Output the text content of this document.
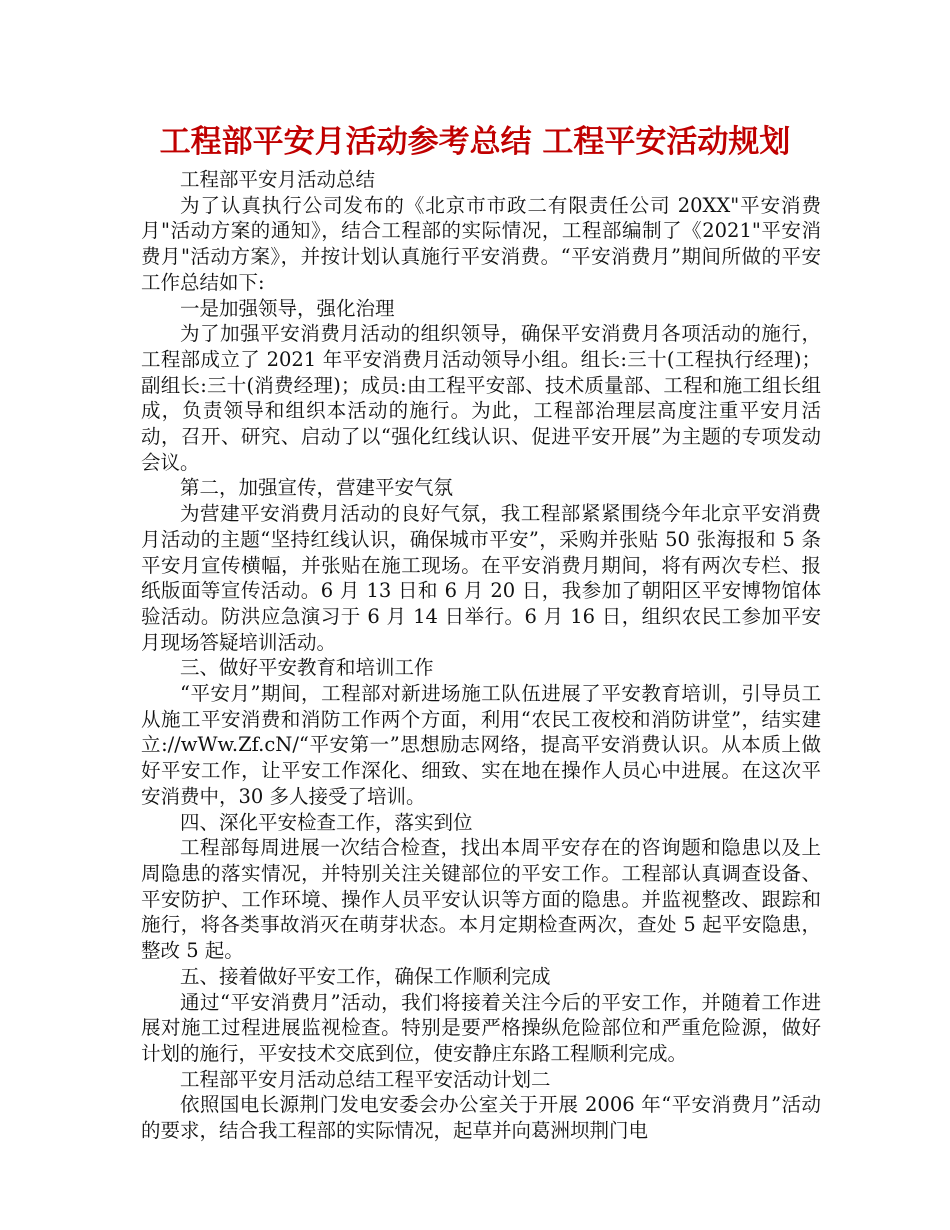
工程部平安月活动参考总结 工程平安活动规划

工程部平安月活动总结

为了认真执行公司发布的《北京市市政二有限责任公司 20XX"平安消费月"活动方案的通知》，结合工程部的实际情况，工程部编制了《2021"平安消费月"活动方案》，并按计划认真施行平安消费。“平安消费月”期间所做的平安工作总结如下:

一是加强领导，强化治理

为了加强平安消费月活动的组织领导，确保平安消费月各项活动的施行，工程部成立了 2021 年平安消费月活动领导小组。组长:三十(工程执行经理)；副组长:三十(消费经理)；成员:由工程平安部、技术质量部、工程和施工组长组成，负责领导和组织本活动的施行。为此，工程部治理层高度注重平安月活动，召开、研究、启动了以“强化红线认识、促进平安开展”为主题的专项发动会议。

第二，加强宣传，营建平安气氛

为营建平安消费月活动的良好气氛，我工程部紧紧围绕今年北京平安消费月活动的主题“坚持红线认识，确保城市平安”，采购并张贴 50 张海报和 5 条平安月宣传横幅，并张贴在施工现场。在平安消费月期间，将有两次专栏、报纸版面等宣传活动。6 月 13 日和 6 月 20 日，我参加了朝阳区平安博物馆体验活动。防洪应急演习于 6 月 14 日举行。6 月 16 日，组织农民工参加平安月现场答疑培训活动。

三、做好平安教育和培训工作

“平安月”期间，工程部对新进场施工队伍进展了平安教育培训，引导员工从施工平安消费和消防工作两个方面，利用“农民工夜校和消防讲堂”，结实建立://wWw.Zf.cN/“平安第一”思想励志网络，提高平安消费认识。从本质上做好平安工作，让平安工作深化、细致、实在地在操作人员心中进展。在这次平安消费中，30 多人接受了培训。

四、深化平安检查工作，落实到位

工程部每周进展一次结合检查，找出本周平安存在的咨询题和隐患以及上周隐患的落实情况，并特别关注关键部位的平安工作。工程部认真调查设备、平安防护、工作环境、操作人员平安认识等方面的隐患。并监视整改、跟踪和施行，将各类事故消灭在萌芽状态。本月定期检查两次，查处 5 起平安隐患，整改 5 起。

五、接着做好平安工作，确保工作顺利完成

通过“平安消费月”活动，我们将接着关注今后的平安工作，并随着工作进展对施工过程进展监视检查。特别是要严格操纵危险部位和严重危险源，做好计划的施行，平安技术交底到位，使安静庄东路工程顺利完成。

工程部平安月活动总结工程平安活动计划二

依照国电长源荆门发电安委会办公室关于开展 2006 年“平安消费月”活动的要求，结合我工程部的实际情况，起草并向葛洲坝荆门电
